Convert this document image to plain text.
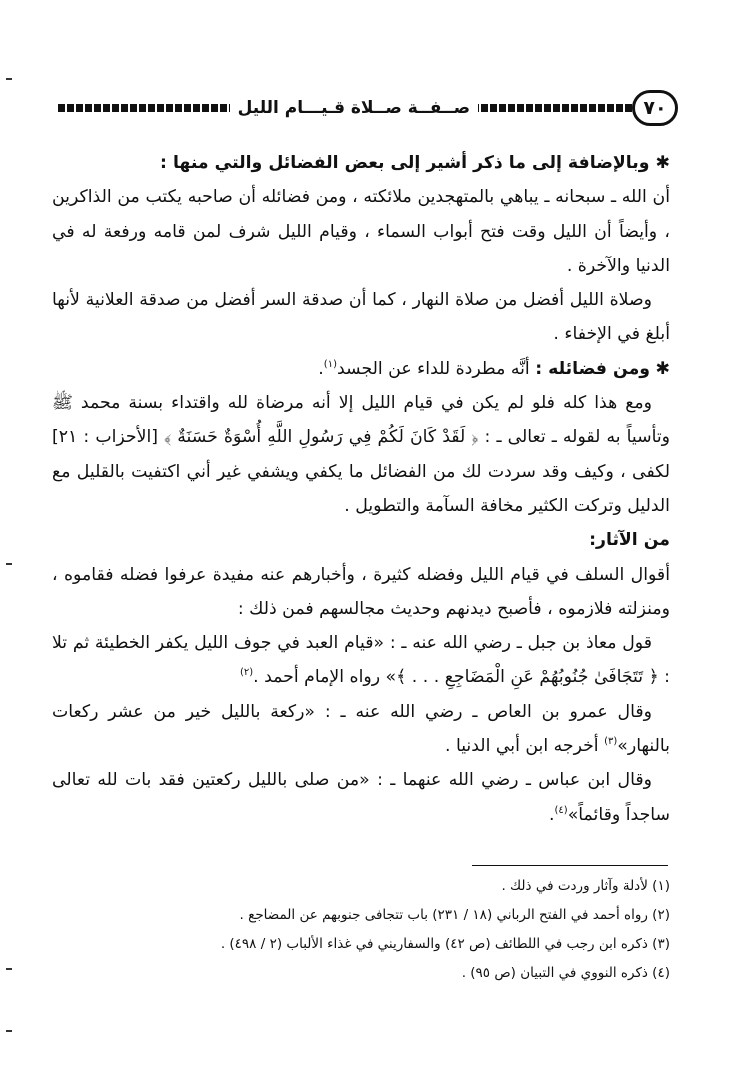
٧٠
صــفــة صــلاة قـيـــام الليل

✱ وبالإضافة إلى ما ذكر أشير إلى بعض الفضائل والتي منها :

أن الله ـ سبحانه ـ يباهي بالمتهجدين ملائكته ، ومن فضائله أن صاحبه يكتب من الذاكرين ، وأيضاً أن الليل وقت فتح أبواب السماء ، وقيام الليل شرف لمن قامه ورفعة له في الدنيا والآخرة .

وصلاة الليل أفضل من صلاة النهار ، كما أن صدقة السر أفضل من صدقة العلانية لأنها أبلغ في الإخفاء .

✱ ومن فضائله : أنَّه مطردة للداء عن الجسد$^{(١)}$.

ومع هذا كله فلو لم يكن في قيام الليل إلا أنه مرضاة لله واقتداء بسنة محمد ﷺ وتأسياً به لقوله ـ تعالى ـ : ﴿ لَقَدْ كَانَ لَكُمْ فِي رَسُولِ اللَّهِ أُسْوَةٌ حَسَنَةٌ ﴾ [الأحزاب : ٢١] لكفى ، وكيف وقد سردت لك من الفضائل ما يكفي ويشفي غير أني اكتفيت بالقليل مع الدليل وتركت الكثير مخافة السآمة والتطويل .

من الآثار:

أقوال السلف في قيام الليل وفضله كثيرة ، وأخبارهم عنه مفيدة عرفوا فضله فقاموه ، ومنزلته فلازموه ، فأصبح ديدنهم وحديث مجالسهم فمن ذلك :

قول معاذ بن جبل ـ رضي الله عنه ـ : «قيام العبد في جوف الليل يكفر الخطيئة ثم تلا : ﴿ تَتَجَافَىٰ جُنُوبُهُمْ عَنِ الْمَضَاجِعِ . . . ﴾» رواه الإمام أحمد .$^{(٢)}$

وقال عمرو بن العاص ـ رضي الله عنه ـ : «ركعة بالليل خير من عشر ركعات بالنهار»$^{(٣)}$ أخرجه ابن أبي الدنيا .

وقال ابن عباس ـ رضي الله عنهما ـ : «من صلى بالليل ركعتين فقد بات لله تعالى ساجداً وقائماً»$^{(٤)}$.

(١) لأدلة وآثار وردت في ذلك .

(٢) رواه أحمد في الفتح الرباني (١٨ / ٢٣١) باب تتجافى جنوبهم عن المضاجع .

(٣) ذكره ابن رجب في اللطائف (ص ٤٢) والسفاريني في غذاء الألباب (٢ / ٤٩٨) .

(٤) ذكره النووي في التبيان (ص ٩٥) .
